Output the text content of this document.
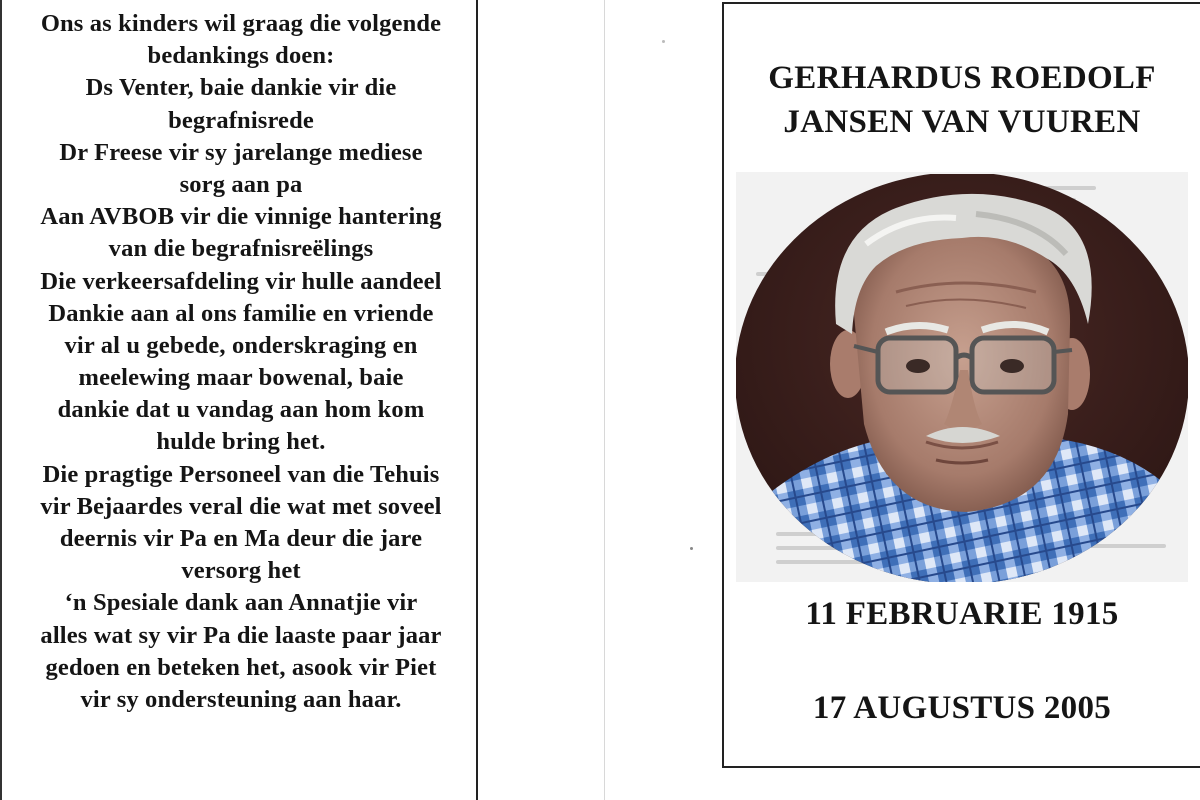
Ons as kinders wil graag die volgende
bedankings doen:
Ds Venter, baie dankie vir die
begrafnisrede
Dr Freese vir sy jarelange mediese
sorg aan pa
Aan AVBOB vir die vinnige hantering
van die begrafnisreëlings
Die verkeersafdeling vir hulle aandeel
Dankie aan al ons familie en vriende
vir al u gebede, onderskraging en
meelewing maar bowenal, baie
dankie dat u vandag aan hom kom
hulde bring het.
Die pragtige Personeel van die Tehuis
vir Bejaardes veral die wat met soveel
deernis vir Pa en Ma deur die jare
versorg het
‘n Spesiale dank aan Annatjie vir
alles wat sy vir Pa die laaste paar jaar
gedoen en beteken het, asook vir Piet
vir sy ondersteuning aan haar.
GERHARDUS ROEDOLF
JANSEN VAN VUUREN
11 FEBRUARIE 1915
17 AUGUSTUS 2005
